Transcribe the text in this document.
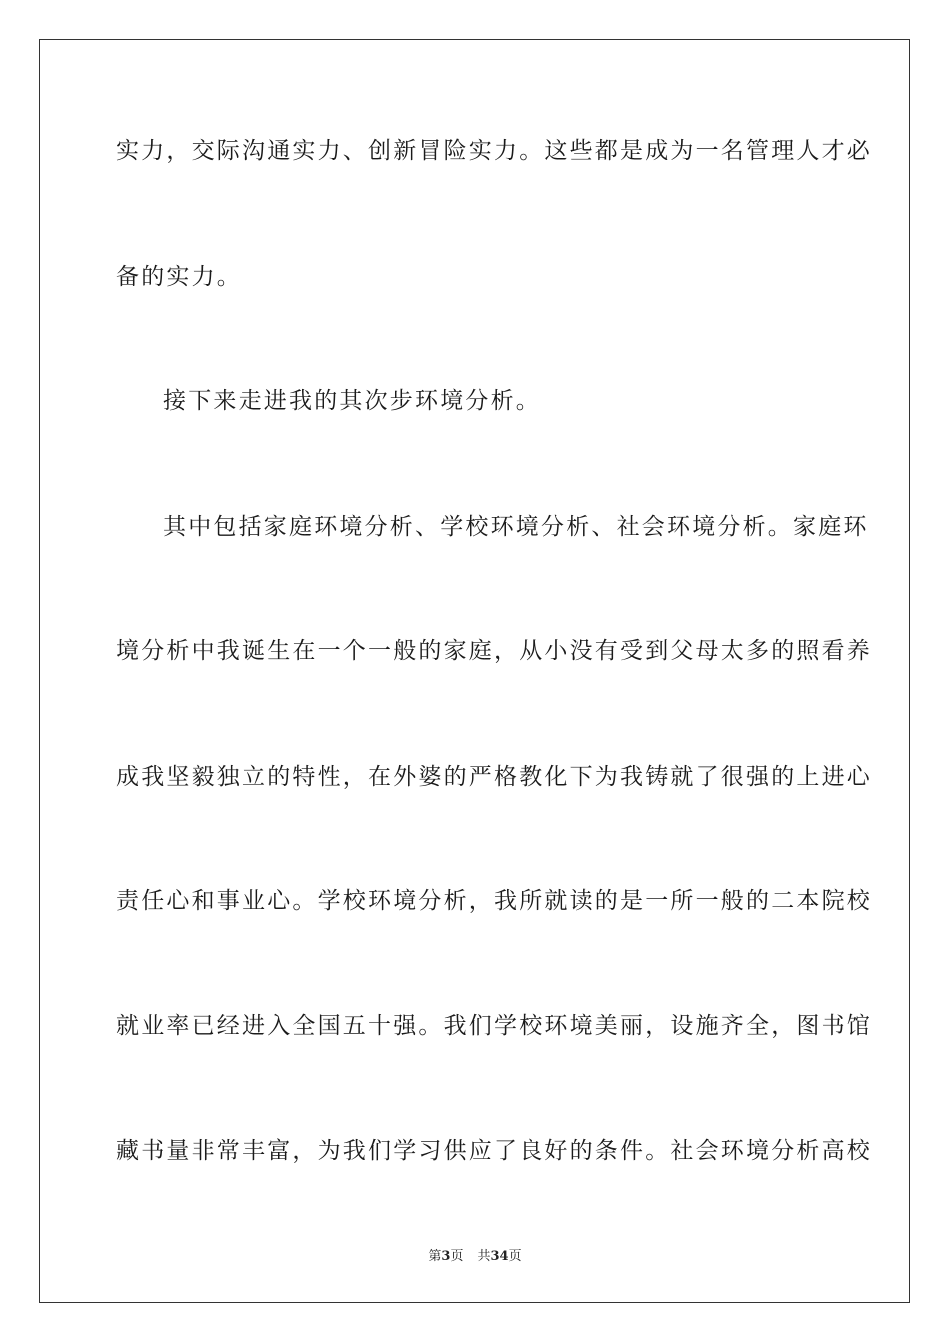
实力，交际沟通实力、创新冒险实力。这些都是成为一名管理人才必
备的实力。
接下来走进我的其次步环境分析。
其中包括家庭环境分析、学校环境分析、社会环境分析。家庭环
境分析中我诞生在一个一般的家庭，从小没有受到父母太多的照看养
成我坚毅独立的特性，在外婆的严格教化下为我铸就了很强的上进心
责任心和事业心。学校环境分析，我所就读的是一所一般的二本院校
就业率已经进入全国五十强。我们学校环境美丽，设施齐全，图书馆
藏书量非常丰富，为我们学习供应了良好的条件。社会环境分析高校
第3页 共34页
